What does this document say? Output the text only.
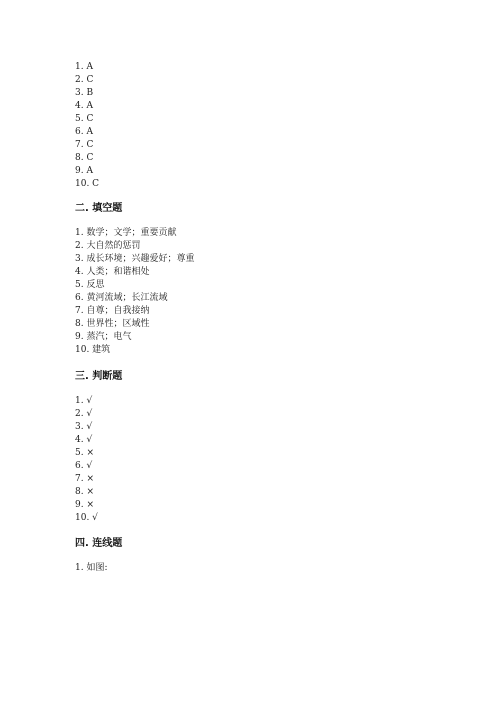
1. A
2. C
3. B
4. A
5. C
6. A
7. C
8. C
9. A
10. C
二. 填空题
1. 数学；文学；重要贡献
2. 大自然的惩罚
3. 成长环境；兴趣爱好；尊重
4. 人类；和谐相处
5. 反思
6. 黄河流域；长江流域
7. 自尊；自我接纳
8. 世界性；区域性
9. 蒸汽；电气
10. 建筑
三. 判断题
1. √
2. √
3. √
4. √
5. ×
6. √
7. ×
8. ×
9. ×
10. √
四. 连线题
1. 如图:
